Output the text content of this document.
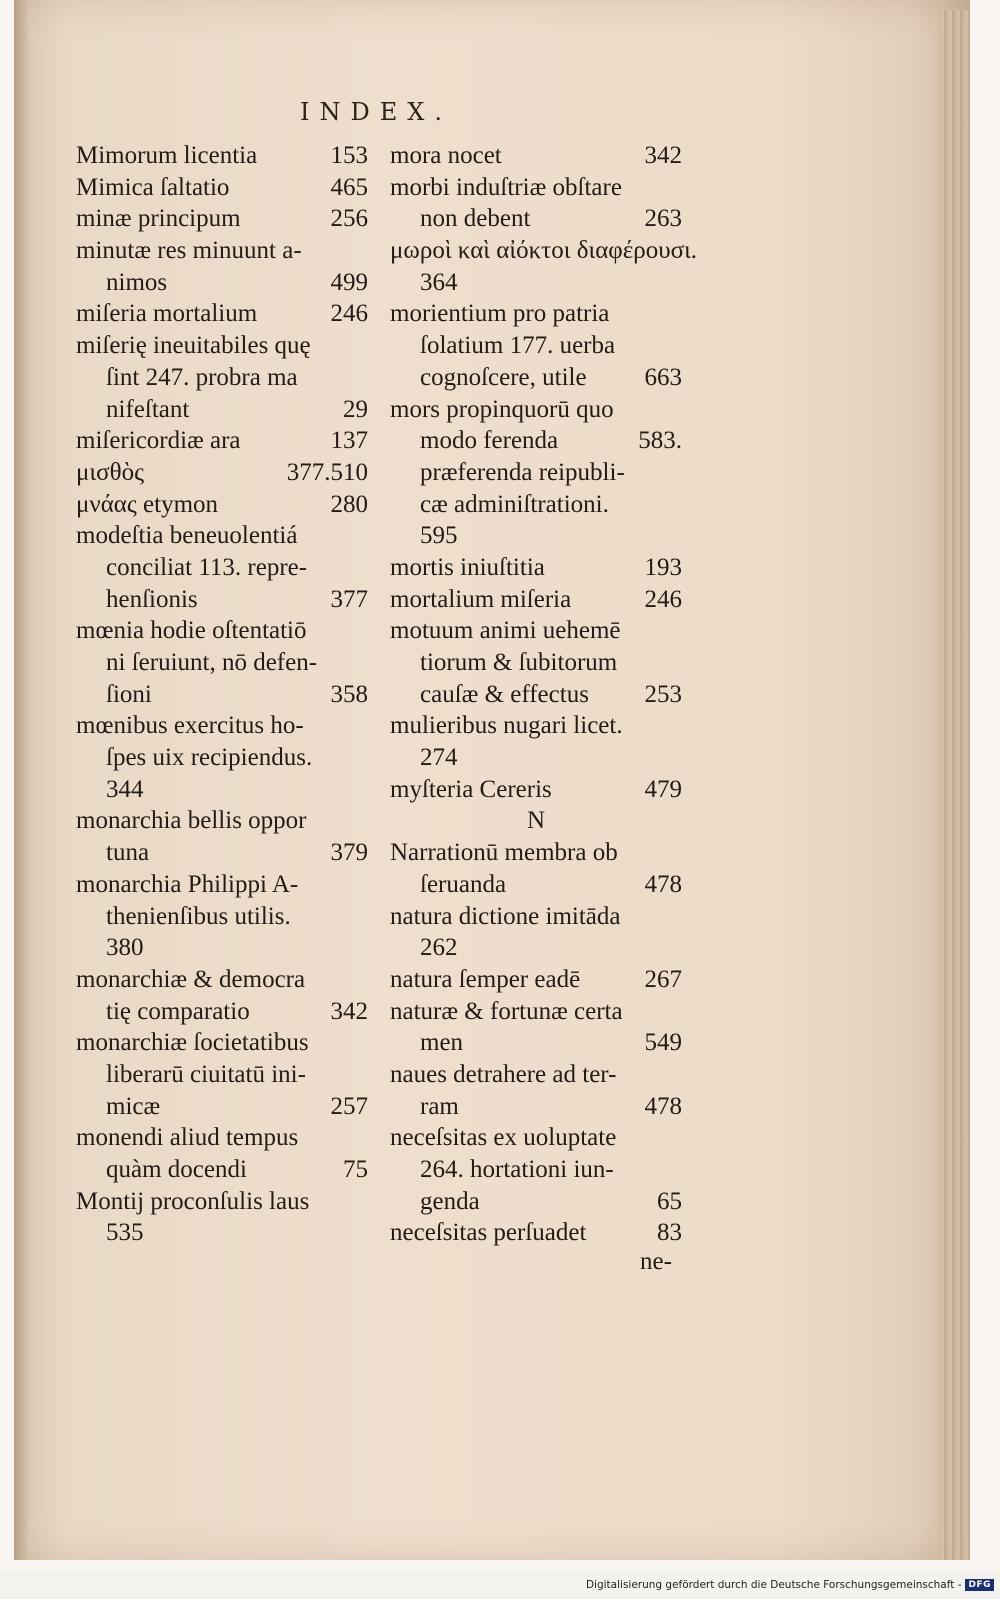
INDEX.
Mimorum licentia	153
Mimica ſaltatio	465
minæ principum	256
minutæ res minuunt a-
nimos	499
miſeria mortalium	246
miſerię ineuitabiles quę
ſint 247. probra ma
nifeſtant	29
miſericordiæ ara	137
μισθὸς	377.510
μνάας etymon	280
modeſtia beneuolentiá
conciliat 113. repre-
henſionis	377
mœnia hodie oſtentatiō
ni ſeruiunt, nō defen-
ſioni	358
mœnibus exercitus ho-
ſpes uix recipiendus.
344
monarchia bellis oppor
tuna	379
monarchia Philippi A-
thenienſibus utilis.
380
monarchiæ & democra
tię comparatio	342
monarchiæ ſocietatibus
liberarū ciuitatū ini-
micæ	257
monendi aliud tempus
quàm docendi	75
Montij proconſulis laus
535
mora nocet	342
morbi induſtriæ obſtare
non debent	263
μωροὶ καὶ αἰόκτοι διαφέρουσι.
364
morientium pro patria
ſolatium 177. uerba
cognoſcere, utile 663
mors propinquorū quo
modo ferenda	583.
præferenda reipubli-
cæ adminiſtrationi.
595
mortis iniuſtitia	193
mortalium miſeria	246
motuum animi uehemē
tiorum & ſubitorum
cauſæ & effectus 253
mulieribus nugari licet.
274
myſteria Cereris	479
N
Narrationū membra ob
ſeruanda	478
natura dictione imitāda
262
natura ſemper eadē	267
naturæ & fortunæ certa
men	549
naues detrahere ad ter-
ram	478
neceſsitas ex uoluptate
264. hortationi iun-
genda	65
neceſsitas perſuadet	83
ne-
Digitalisierung gefördert durch die Deutsche Forschungsgemeinschaft - DFG
